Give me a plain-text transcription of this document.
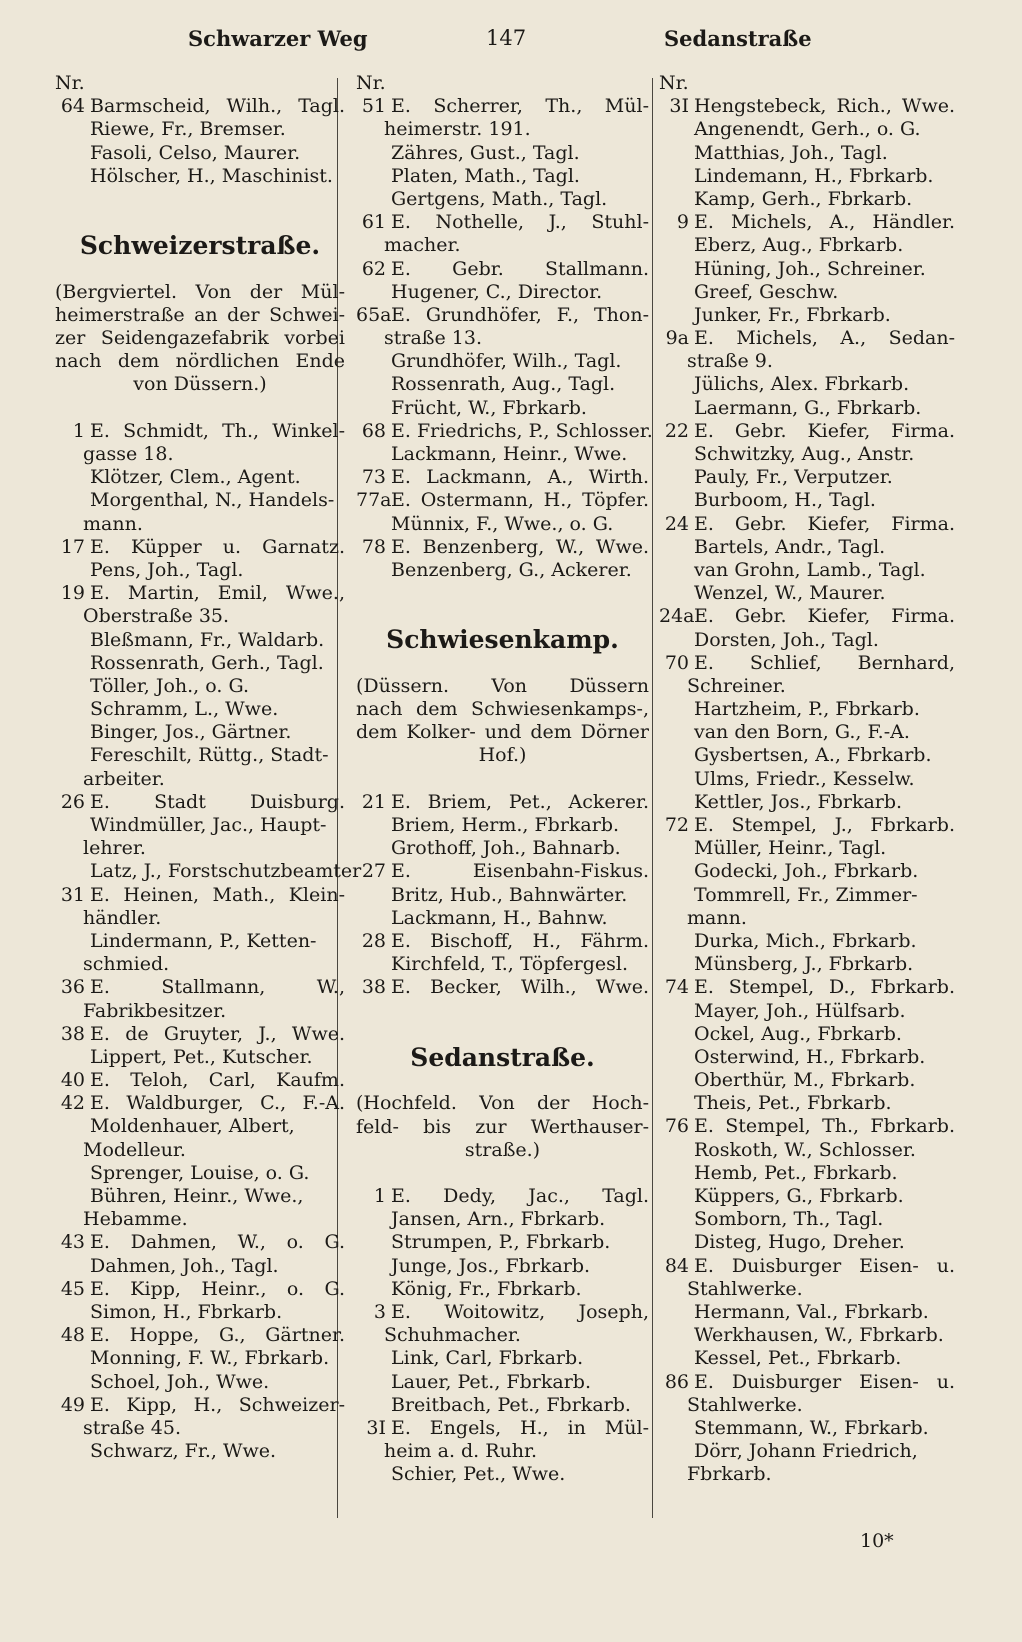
Schwarzer Weg	147	Sedanstraße
Nr.
64 Barmscheid, Wilh., Tagl.
Riewe, Fr., Bremser.
Fasoli, Celso, Maurer.
Hölscher, H., Maschinist.
Schweizerstraße.
(Bergviertel. Von der Mül-
heimerstraße an der Schwei-
zer Seidengazefabrik vorbei
nach dem nördlichen Ende
von Düssern.)
1 E. Schmidt, Th., Winkel-
gasse 18.
Klötzer, Clem., Agent.
Morgenthal, N., Handels-
mann.
17 E. Küpper u. Garnatz.
Pens, Joh., Tagl.
19 E. Martin, Emil, Wwe.,
Oberstraße 35.
Bleßmann, Fr., Waldarb.
Rossenrath, Gerh., Tagl.
Töller, Joh., o. G.
Schramm, L., Wwe.
Binger, Jos., Gärtner.
Fereschilt, Rüttg., Stadt-
arbeiter.
26 E. Stadt Duisburg.
Windmüller, Jac., Haupt-
lehrer.
Latz, J., Forstschutzbeamter
31 E. Heinen, Math., Klein-
händler.
Lindermann, P., Ketten-
schmied.
36 E. Stallmann, W.,
Fabrikbesitzer.
38 E. de Gruyter, J., Wwe.
Lippert, Pet., Kutscher.
40 E. Teloh, Carl, Kaufm.
42 E. Waldburger, C., F.-A.
Moldenhauer, Albert,
Modelleur.
Sprenger, Louise, o. G.
Bühren, Heinr., Wwe.,
Hebamme.
43 E. Dahmen, W., o. G.
Dahmen, Joh., Tagl.
45 E. Kipp, Heinr., o. G.
Simon, H., Fbrkarb.
48 E. Hoppe, G., Gärtner.
Monning, F. W., Fbrkarb.
Schoel, Joh., Wwe.
49 E. Kipp, H., Schweizer-
straße 45.
Schwarz, Fr., Wwe.
Nr.
51 E. Scherrer, Th., Mül-
heimerstr. 191.
Zähres, Gust., Tagl.
Platen, Math., Tagl.
Gertgens, Math., Tagl.
61 E. Nothelle, J., Stuhl-
macher.
62 E. Gebr. Stallmann.
Hugener, C., Director.
65a E. Grundhöfer, F., Thon-
straße 13.
Grundhöfer, Wilh., Tagl.
Rossenrath, Aug., Tagl.
Frücht, W., Fbrkarb.
68 E. Friedrichs, P., Schlosser.
Lackmann, Heinr., Wwe.
73 E. Lackmann, A., Wirth.
77a E. Ostermann, H., Töpfer.
Münnix, F., Wwe., o. G.
78 E. Benzenberg, W., Wwe.
Benzenberg, G., Ackerer.
Schwiesenkamp.
(Düssern. Von Düssern
nach dem Schwiesenkamps-,
dem Kolker- und dem Dörner
Hof.)
21 E. Briem, Pet., Ackerer.
Briem, Herm., Fbrkarb.
Grothoff, Joh., Bahnarb.
27 E. Eisenbahn-Fiskus.
Britz, Hub., Bahnwärter.
Lackmann, H., Bahnw.
28 E. Bischoff, H., Fährm.
Kirchfeld, T., Töpfergesl.
38 E. Becker, Wilh., Wwe.
Sedanstraße.
(Hochfeld. Von der Hoch-
feld- bis zur Werthauser-
straße.)
1 E. Dedy, Jac., Tagl.
Jansen, Arn., Fbrkarb.
Strumpen, P., Fbrkarb.
Junge, Jos., Fbrkarb.
König, Fr., Fbrkarb.
3 E. Woitowitz, Joseph,
Schuhmacher.
Link, Carl, Fbrkarb.
Lauer, Pet., Fbrkarb.
Breitbach, Pet., Fbrkarb.
3I E. Engels, H., in Mül-
heim a. d. Ruhr.
Schier, Pet., Wwe.
Nr.
3I Hengstebeck, Rich., Wwe.
Angenendt, Gerh., o. G.
Matthias, Joh., Tagl.
Lindemann, H., Fbrkarb.
Kamp, Gerh., Fbrkarb.
9 E. Michels, A., Händler.
Eberz, Aug., Fbrkarb.
Hüning, Joh., Schreiner.
Greef, Geschw.
Junker, Fr., Fbrkarb.
9a E. Michels, A., Sedan-
straße 9.
Jülichs, Alex. Fbrkarb.
Laermann, G., Fbrkarb.
22 E. Gebr. Kiefer, Firma.
Schwitzky, Aug., Anstr.
Pauly, Fr., Verputzer.
Burboom, H., Tagl.
24 E. Gebr. Kiefer, Firma.
Bartels, Andr., Tagl.
van Grohn, Lamb., Tagl.
Wenzel, W., Maurer.
24a E. Gebr. Kiefer, Firma.
Dorsten, Joh., Tagl.
70 E. Schlief, Bernhard,
Schreiner.
Hartzheim, P., Fbrkarb.
van den Born, G., F.-A.
Gysbertsen, A., Fbrkarb.
Ulms, Friedr., Kesselw.
Kettler, Jos., Fbrkarb.
72 E. Stempel, J., Fbrkarb.
Müller, Heinr., Tagl.
Godecki, Joh., Fbrkarb.
Tommrell, Fr., Zimmer-
mann.
Durka, Mich., Fbrkarb.
Münsberg, J., Fbrkarb.
74 E. Stempel, D., Fbrkarb.
Mayer, Joh., Hülfsarb.
Ockel, Aug., Fbrkarb.
Osterwind, H., Fbrkarb.
Oberthür, M., Fbrkarb.
Theis, Pet., Fbrkarb.
76 E. Stempel, Th., Fbrkarb.
Roskoth, W., Schlosser.
Hemb, Pet., Fbrkarb.
Küppers, G., Fbrkarb.
Somborn, Th., Tagl.
Disteg, Hugo, Dreher.
84 E. Duisburger Eisen- u.
Stahlwerke.
Hermann, Val., Fbrkarb.
Werkhausen, W., Fbrkarb.
Kessel, Pet., Fbrkarb.
86 E. Duisburger Eisen- u.
Stahlwerke.
Stemmann, W., Fbrkarb.
Dörr, Johann Friedrich,
Fbrkarb.
10*
